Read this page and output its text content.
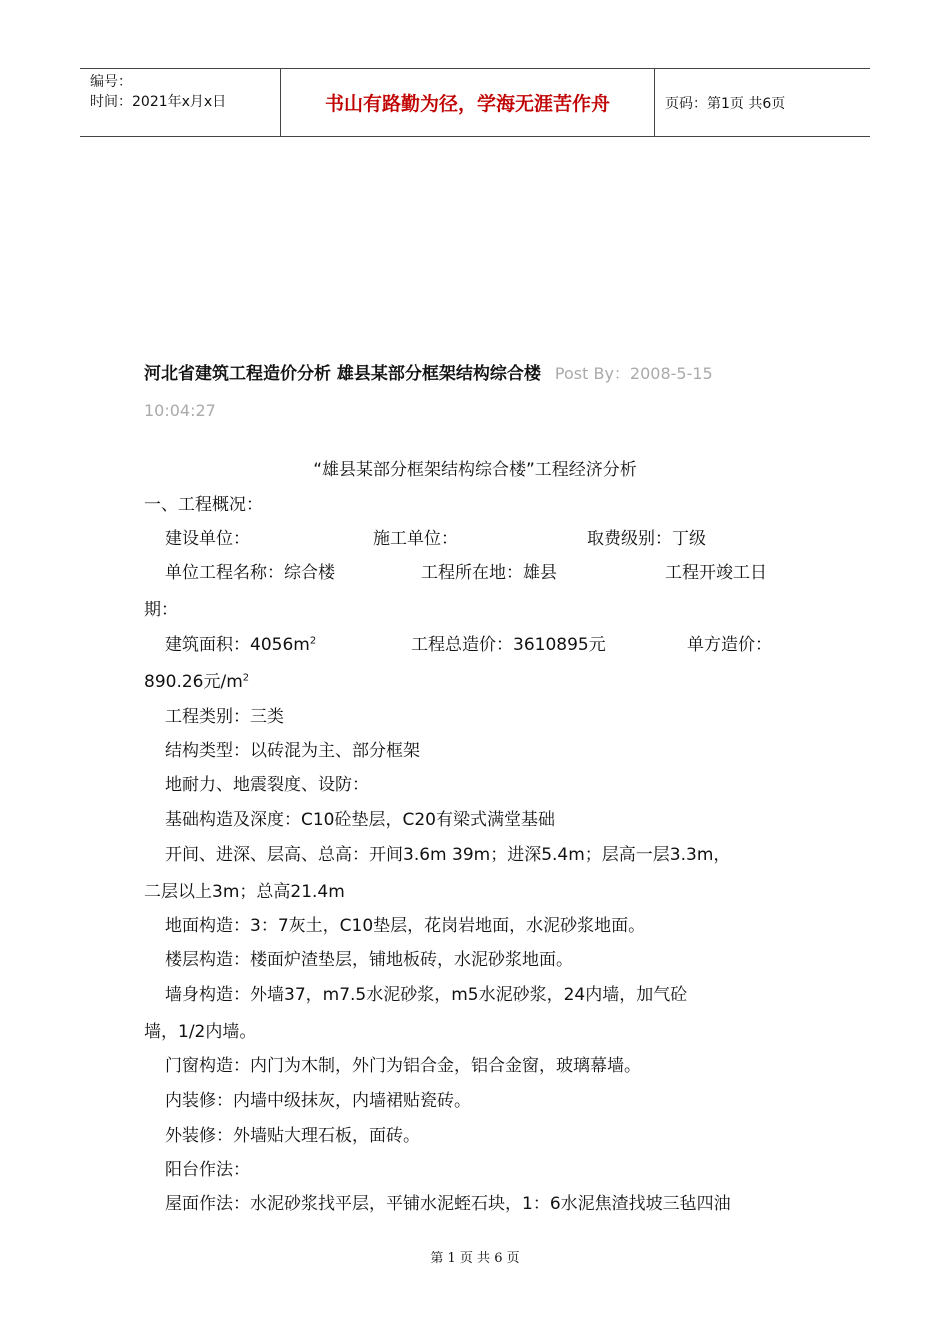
编号：
时间：2021年x月x日	书山有路勤为径，学海无涯苦作舟	页码：第1页 共6页
河北省建筑工程造价分析 雄县某部分框架结构综合楼 Post By：2008-5-15
10:04:27
“雄县某部分框架结构综合楼”工程经济分析
一、工程概况：
建设单位：	施工单位：	取费级别：丁级
单位工程名称：综合楼	工程所在地：雄县	工程开竣工日
期：
建筑面积：$4056m^2$	工程总造价：3610895元	单方造价：
890.26元$/m^2$
工程类别：三类
结构类型：以砖混为主、部分框架
地耐力、地震裂度、设防：
基础构造及深度：C10砼垫层，C20有梁式满堂基础
开间、进深、层高、总高：开间3.6m 39m；进深5.4m；层高一层3.3m，
二层以上3m；总高21.4m
地面构造：3：7灰土，C10垫层，花岗岩地面，水泥砂浆地面。
楼层构造：楼面炉渣垫层，铺地板砖，水泥砂浆地面。
墙身构造：外墙37，m7.5水泥砂浆，m5水泥砂浆，24内墙，加气砼
墙，1/2内墙。
门窗构造：内门为木制，外门为铝合金，铝合金窗，玻璃幕墙。
内装修：内墙中级抹灰，内墙裙贴瓷砖。
外装修：外墙贴大理石板，面砖。
阳台作法：
屋面作法：水泥砂浆找平层，平铺水泥蛭石块，1：6水泥焦渣找坡三毡四油
第 1 页 共 6 页
